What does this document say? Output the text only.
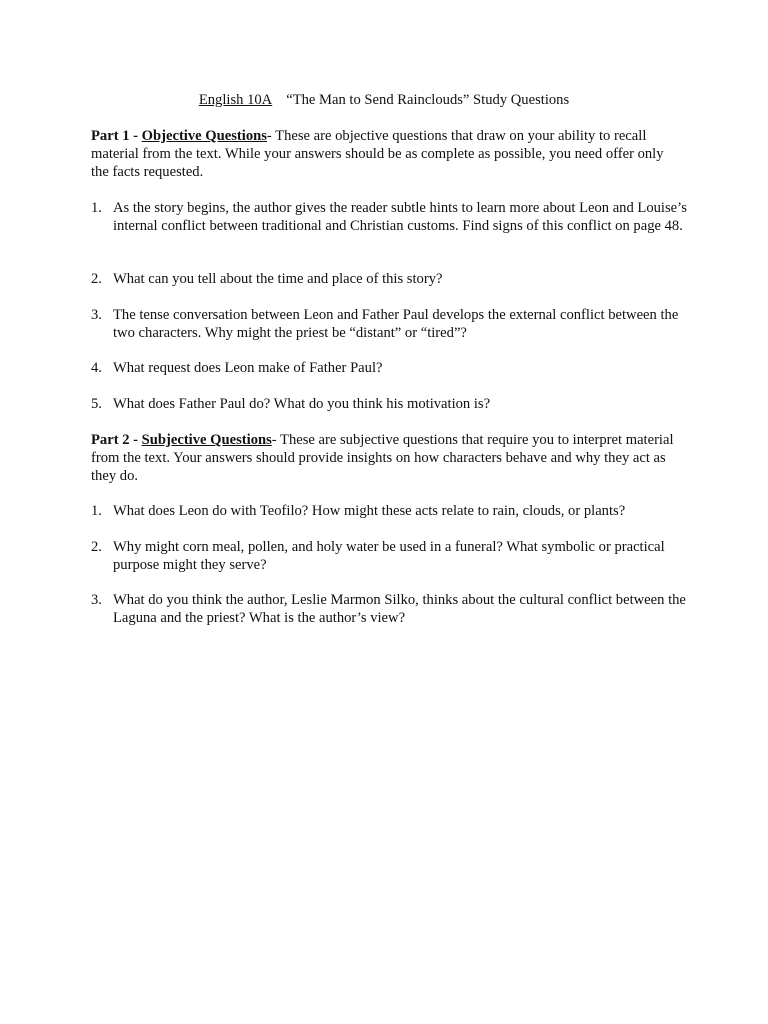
English 10A “The Man to Send Rainclouds” Study Questions

Part 1 - Objective Questions- These are objective questions that draw on your ability to recall material from the text. While your answers should be as complete as possible, you need offer only the facts requested.

1. As the story begins, the author gives the reader subtle hints to learn more about Leon and Louise’s internal conflict between traditional and Christian customs. Find signs of this conflict on page 48.
2. What can you tell about the time and place of this story?
3. The tense conversation between Leon and Father Paul develops the external conflict between the two characters. Why might the priest be “distant” or “tired”?
4. What request does Leon make of Father Paul?
5. What does Father Paul do? What do you think his motivation is?

Part 2 - Subjective Questions- These are subjective questions that require you to interpret material from the text. Your answers should provide insights on how characters behave and why they act as they do.

1. What does Leon do with Teofilo? How might these acts relate to rain, clouds, or plants?
2. Why might corn meal, pollen, and holy water be used in a funeral? What symbolic or practical purpose might they serve?
3. What do you think the author, Leslie Marmon Silko, thinks about the cultural conflict between the Laguna and the priest? What is the author’s view?
